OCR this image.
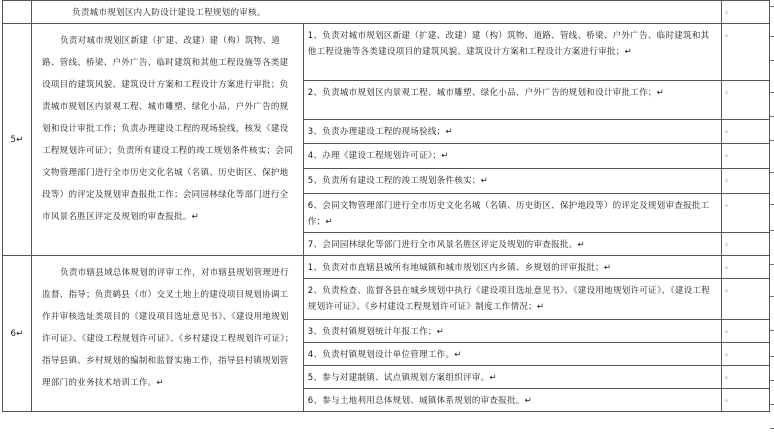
	负责城市规划区内人防设计建设工程规划的审核。		。

5↵	负责对城市规划区新建（扩建、改建）建（构）筑物、道路、管线、桥梁、户外广告、临时建筑和其他工程设施等各类建设项目的建筑风貌、建筑设计方案和工程设计方案进行审批；负责城市规划区内景观工程、城市雕塑、绿化小品、户外广告的规划和设计审批工作；负责办理建设工程的现场验线，核发《建设工程规划许可证》；负责所有建设工程的竣工规划条件核实；会同文物管理部门进行全市历史文化名城（名镇、历史街区、保护地段等）的评定及规划审查报批工作；会同园林绿化等部门进行全市风景名胜区评定及规划的审查报批。↵	1、负责对城市规划区新建（扩建、改建）建（构）筑物、道路、管线、桥梁、户外广告、临时建筑和其他工程设施等各类建设项目的建筑风貌、建筑设计方案和工程设计方案进行审批；↵	。

		2、负责城市规划区内景观工程、城市雕塑、绿化小品、户外广告的规划和设计审批工作；↵	。

		3、负责办理建设工程的现场验线；↵	。

		4、办理《建设工程规划许可证》；↵	。

		5、负责所有建设工程的竣工规划条件核实；↵	。

		6、会同文物管理部门进行全市历史文化名城（名镇、历史街区、保护地段等）的评定及规划审查报批工作；↵	。

		7、会同园林绿化等部门进行全市风景名胜区评定及规划的审查报批。↵	。

6↵	负责市辖县域总体规划的评审工作，对市辖县规划管理进行监督、指导；负责鹤县（市）交叉土地上的建设项目规划协调工作并审核选址类项目的《建设项目选址意见书》、《建设用地规划许可证》、《建设工程规划许可证》、《乡村建设工程规划许可证》；指导县镇、乡村规划的编制和监督实施工作，指导县村镇规划管理部门的业务技术培训工作。↵	1、负责对市直辖县城所有地城镇和城市规划区内乡镇、乡规划的评审报批；↵	。

		2、负责检查、监督各县在城乡规划中执行《建设项目选址意见书》、《建设用地规划许可证》、《建设工程规划许可证》、《乡村建设工程规划许可证》制度工作情况；↵	。

		3、负责村镇规划统计年报工作；↵	。

		4、负责村镇规划设计单位管理工作。↵	。

		5、参与对建制镇、试点镇规划方案组织评审。↵	。

		6、参与土地利用总体规划、城镇体系规划的审查报批。↵	。
